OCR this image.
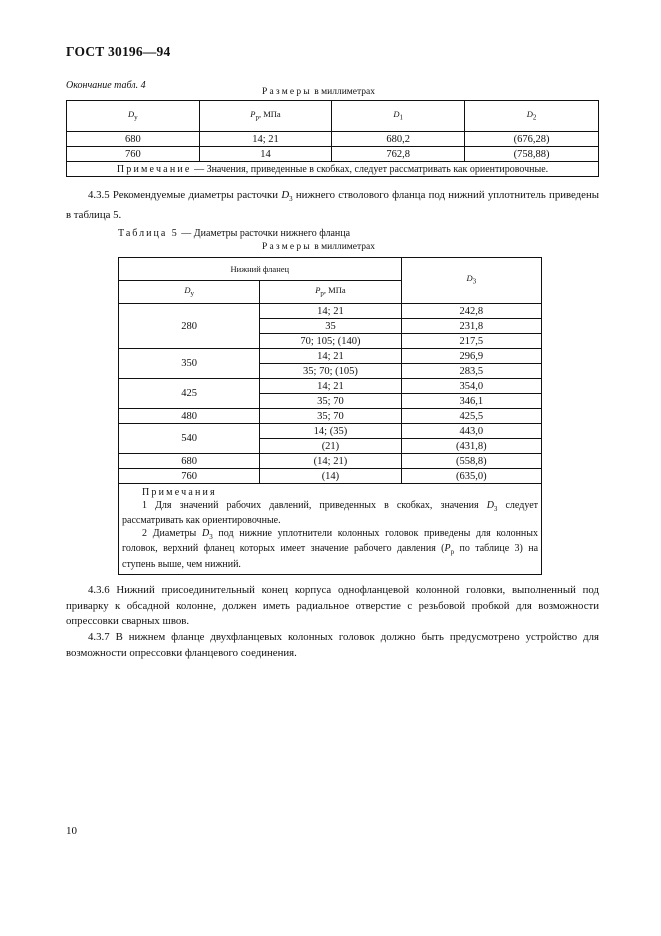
ГОСТ 30196—94
Окончание табл. 4
Размеры в миллиметрах
$D_у$	$P_р$, МПа	$D_1$	$D_2$
680	14; 21	680,2	(676,28)
760	14	762,8	(758,88)
Примечание — Значения, приведенные в скобках, следует рассматривать как ориентировочные.			
4.3.5 Рекомендуемые диаметры расточки $D_3$ нижнего стволового фланца под нижний уплотнитель приведены в таблица 5.
Таблица 5 — Диаметры расточки нижнего фланца
Размеры в миллиметрах
Нижний фланец		$D_3$
$D_у$	$P_р$, МПа	
280	14; 21	242,8
	35	231,8
	70; 105; (140)	217,5
350	14; 21	296,9
	35; 70; (105)	283,5
425	14; 21	354,0
	35; 70	346,1
480	35; 70	425,5
540	14; (35)	443,0
	(21)	(431,8)
680	(14; 21)	(558,8)
760	(14)	(635,0)

Примечания
1 Для значений рабочих давлений, приведенных в скобках, значения $D_3$ следует рассматривать как ориентировочные.
2 Диаметры $D_3$ под нижние уплотнители колонных головок приведены для колонных головок, верхний фланец которых имеет значение рабочего давления ($P_р$ по таблице 3) на ступень выше, чем нижний.		
4.3.6 Нижний присоединительный конец корпуса однофланцевой колонной головки, выполненный под приварку к обсадной колонне, должен иметь радиальное отверстие с резьбовой пробкой для возможности опрессовки сварных швов.
4.3.7 В нижнем фланце двухфланцевых колонных головок должно быть предусмотрено устройство для возможности опрессовки фланцевого соединения.
10
